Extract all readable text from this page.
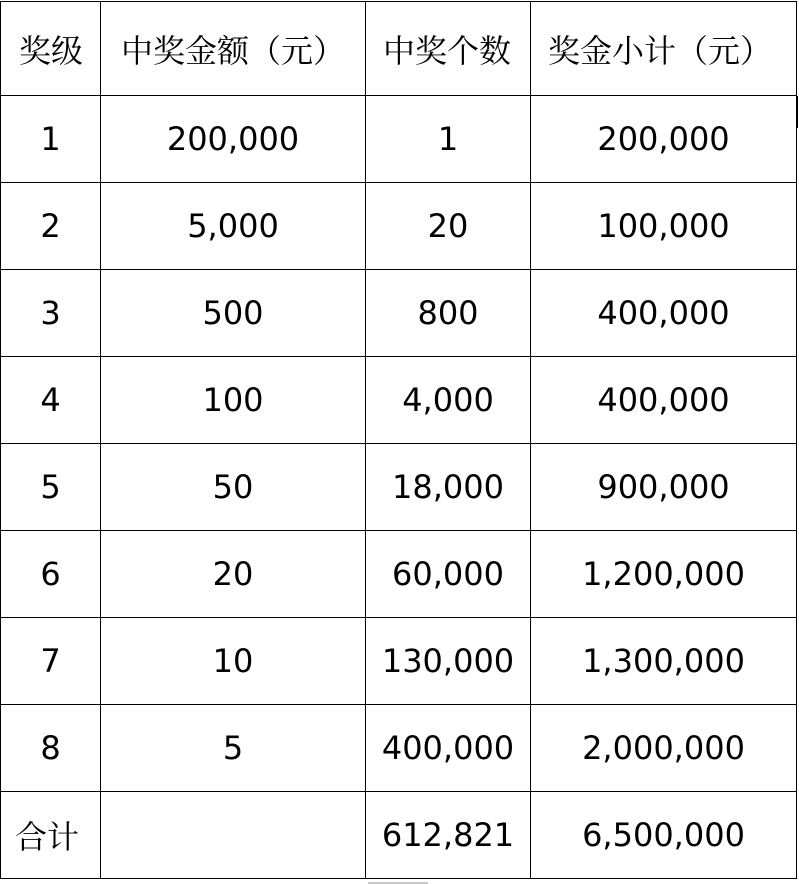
奖级	中奖金额（元）	中奖个数	奖金小计（元）
1	200,000	1	200,000
2	5,000	20	100,000
3	500	800	400,000
4	100	4,000	400,000
5	50	18,000	900,000
6	20	60,000	1,200,000
7	10	130,000	1,300,000
8	5	400,000	2,000,000
合计		612,821	6,500,000
